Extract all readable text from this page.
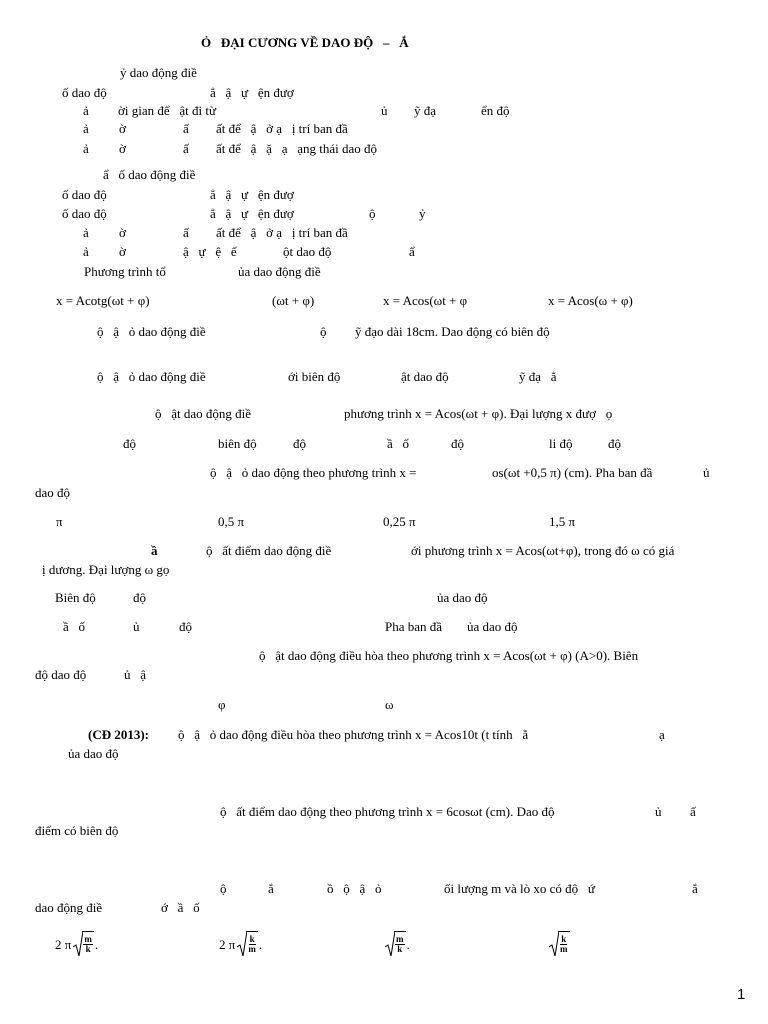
Ỏ   ĐẠI CƯƠNG VỀ DAO ĐỘ   –   Ắ
ỷ dao động điề
ố dao độ	ẳ   ậ   ự   ện đượ
ả ời gian để   ật đi từ	ủ ỹ đạ	ển độ
ả ờ	ấ ất để   ậ   ở ạ   ị trí ban đầ
ả ờ	ấ ất để   ậ   ặ   ạ   ạng thái dao độ
ẩ   ố dao động điề
ố dao độ	ẳ   ậ   ự   ện đượ
ố dao độ	ẳ   ậ   ự   ện đượ	ộ	ỷ
ả ờ	ấ ất để   ậ   ở ạ   ị trí ban đầ
ả ờ	ậ   ự   ệ   ế	ột dao độ	ẩ
Phương trình tổ	ủa dao động điề
x = Acotg(ωt + φ)	(ωt + φ)	x = Acos(ωt + φ	x = Acos(ω + φ)
ộ   ậ   ỏ dao động điề	ộ ỹ đạo dài 18cm. Dao động có biên độ
ộ   ậ   ỏ dao động điề	ới biên độ	ật dao độ	ỹ đạ   ẳ
ộ   ật dao động điề	phương trình x = Acos(ωt + φ). Đại lượng x đượ   ọ
độ	biên độ	độ	ầ   ố	độ	li độ	độ
ộ   ậ   ỏ dao động theo phương trình x =	os(ωt +0,5 π) (cm). Pha ban đầ	ủ
dao độ
π	0,5 π	0,25 π	1,5 π
ầ	ộ   ất điểm dao động điề	ới phương trình x = Acos(ωt+φ), trong đó ω có giá
ị dương. Đại lượng ω gọ
Biên độ	độ	ủa dao độ
ầ   ố	ủ	độ	Pha ban đầ ủa dao độ
ộ   ật dao động điều hòa theo phương trình x = Acos(ωt + φ) (A>0). Biên
độ dao độ	ủ   ậ
φ	ω
(CĐ 2013): ộ   ậ   ỏ dao động điều hòa theo phương trình x = Acos10t (t tính   ằ	ạ
ủa dao độ
ộ   ất điểm dao động theo phương trình x = 6cosωt (cm). Dao độ	ủ ấ
điểm có biên độ
ộ	ắ	ồ   ộ   ậ   ỏ	ối lượng m và lò xo có độ   ứ	ắ
dao động điề	ớ   ầ   ố
2 π $\frac{m}{k}$ .	2 π $\frac{k}{m}$ .	$\frac{m}{k}$ .	$\frac{k}{m}$
1
